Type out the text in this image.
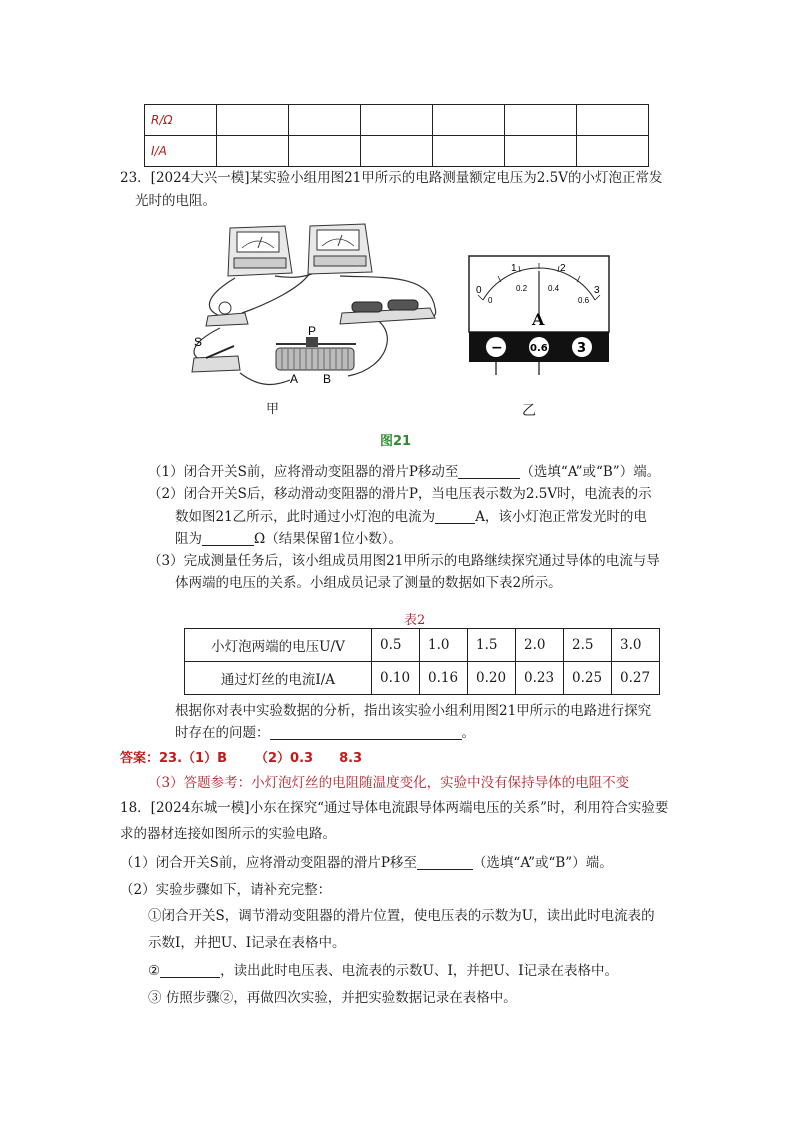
R/Ω						
I/A						
23．[2024大兴一模]某实验小组用图21甲所示的电路测量额定电压为2.5V的小灯泡正常发
光时的电阻。
S
P
A B
甲
0
1	2
3
0
0.2	0.4
0.6
A
−	0.6 3
乙
图21
（1）闭合开关S前，应将滑动变阻器的滑片P移动至	（选填“A”或“B”）端。
（2）闭合开关S后，移动滑动变阻器的滑片P，当电压表示数为2.5V时，电流表的示
数如图21乙所示，此时通过小灯泡的电流为	A，该小灯泡正常发光时的电
阻为	Ω（结果保留1位小数）。
（3）完成测量任务后，该小组成员用图21甲所示的电路继续探究通过导体的电流与导
体两端的电压的关系。小组成员记录了测量的数据如下表2所示。
表2
小灯泡两端的电压U/V	0.5	1.0	1.5	2.0	2.5	3.0
通过灯丝的电流I/A	0.10	0.16	0.20	0.23	0.25	0.27
根据你对表中实验数据的分析，指出该实验小组利用图21甲所示的电路进行探究
时存在的问题：	。
答案：23.（1）B （2）0.3 8.3
（3）答题参考：小灯泡灯丝的电阻随温度变化，实验中没有保持导体的电阻不变
18．[2024东城一模]小东在探究“通过导体电流跟导体两端电压的关系”时，利用符合实验要
求的器材连接如图所示的实验电路。
（1）闭合开关S前，应将滑动变阻器的滑片P移至	（选填“A”或“B”）端。
（2）实验步骤如下，请补充完整：
①闭合开关S，调节滑动变阻器的滑片位置，使电压表的示数为U，读出此时电流表的
示数I，并把U、I记录在表格中。
②	，读出此时电压表、电流表的示数U、I，并把U、I记录在表格中。
③ 仿照步骤②，再做四次实验，并把实验数据记录在表格中。
